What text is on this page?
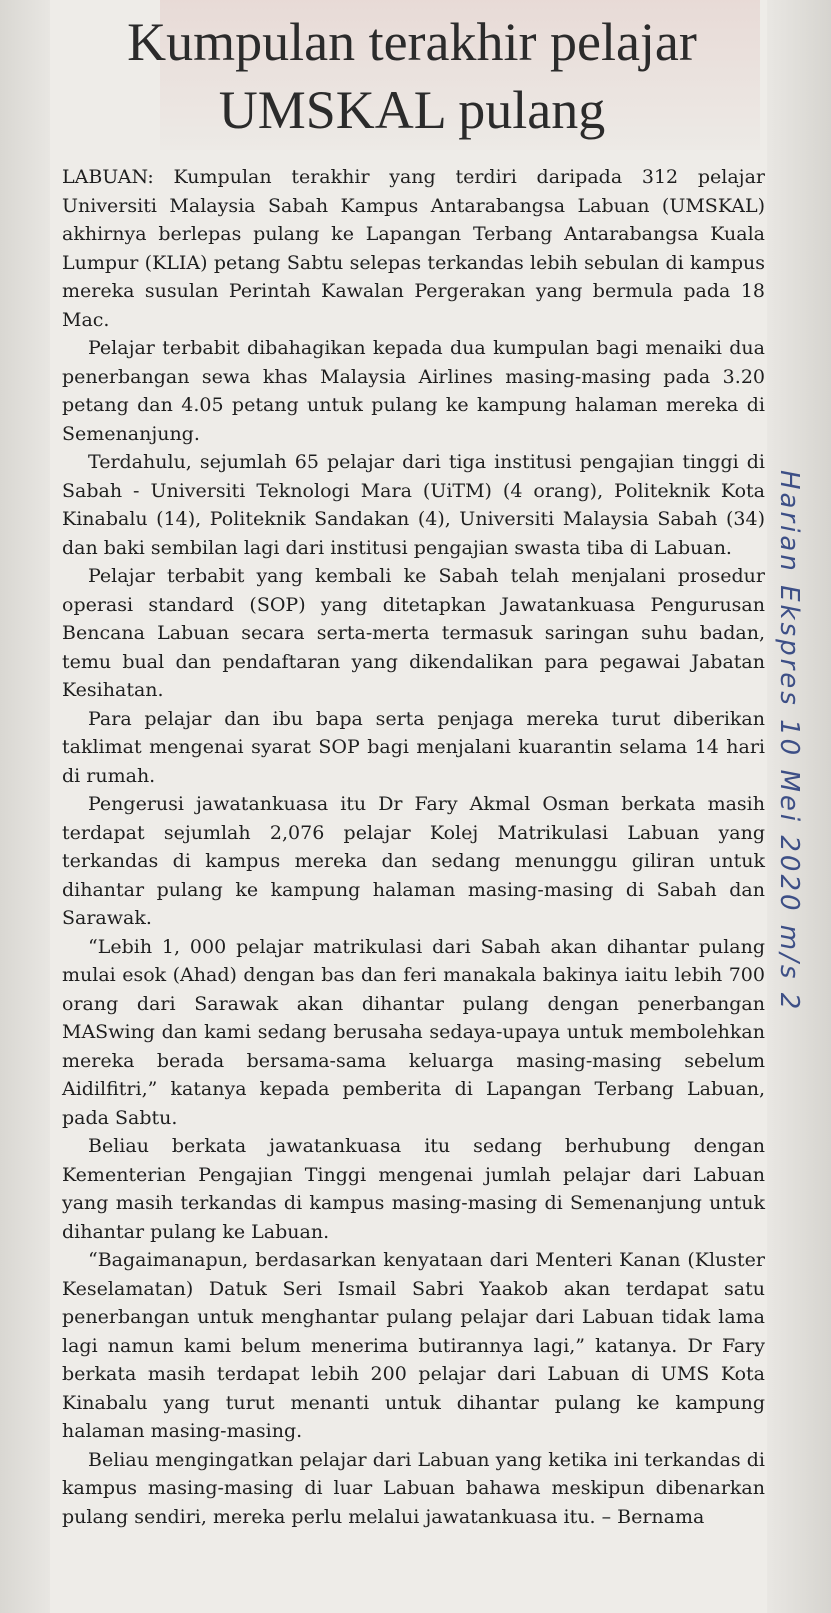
Kumpulan terakhir pelajar UMSKAL pulang

LABUAN: Kumpulan terakhir yang terdiri daripada 312 pelajar Universiti Malaysia Sabah Kampus Antarabangsa Labuan (UMSKAL) akhirnya berlepas pulang ke Lapangan Terbang Antarabangsa Kuala Lumpur (KLIA) petang Sabtu selepas terkandas lebih sebulan di kampus mereka susulan Perintah Kawalan Pergerakan yang bermula pada 18 Mac.

Pelajar terbabit dibahagikan kepada dua kumpulan bagi menaiki dua penerbangan sewa khas Malaysia Airlines masing-masing pada 3.20 petang dan 4.05 petang untuk pulang ke kampung halaman mereka di Semenanjung.

Terdahulu, sejumlah 65 pelajar dari tiga institusi pengajian tinggi di Sabah - Universiti Teknologi Mara (UiTM) (4 orang), Politeknik Kota Kinabalu (14), Politeknik Sandakan (4), Universiti Malaysia Sabah (34) dan baki sembilan lagi dari institusi pengajian swasta tiba di Labuan.

Pelajar terbabit yang kembali ke Sabah telah menjalani prosedur operasi standard (SOP) yang ditetapkan Jawatankuasa Pengurusan Bencana Labuan secara serta-merta termasuk saringan suhu badan, temu bual dan pendaftaran yang dikendalikan para pegawai Jabatan Kesihatan.

Para pelajar dan ibu bapa serta penjaga mereka turut diberikan taklimat mengenai syarat SOP bagi menjalani kuarantin selama 14 hari di rumah.

Pengerusi jawatankuasa itu Dr Fary Akmal Osman berkata masih terdapat sejumlah 2,076 pelajar Kolej Matrikulasi Labuan yang terkandas di kampus mereka dan sedang menunggu giliran untuk dihantar pulang ke kampung halaman masing-masing di Sabah dan Sarawak.

“Lebih 1, 000 pelajar matrikulasi dari Sabah akan dihantar pulang mulai esok (Ahad) dengan bas dan feri manakala bakinya iaitu lebih 700 orang dari Sarawak akan dihantar pulang dengan penerbangan MASwing dan kami sedang berusaha sedaya-upaya untuk membolehkan mereka berada bersama-sama keluarga masing-masing sebelum Aidilfitri,” katanya kepada pemberita di Lapangan Terbang Labuan, pada Sabtu.

Beliau berkata jawatankuasa itu sedang berhubung dengan Kementerian Pengajian Tinggi mengenai jumlah pelajar dari Labuan yang masih terkandas di kampus masing-masing di Semenanjung untuk dihantar pulang ke Labuan.

“Bagaimanapun, berdasarkan kenyataan dari Menteri Kanan (Kluster Keselamatan) Datuk Seri Ismail Sabri Yaakob akan terdapat satu penerbangan untuk menghantar pulang pelajar dari Labuan tidak lama lagi namun kami belum menerima butirannya lagi,” katanya. Dr Fary berkata masih terdapat lebih 200 pelajar dari Labuan di UMS Kota Kinabalu yang turut menanti untuk dihantar pulang ke kampung halaman masing-masing.

Beliau mengingatkan pelajar dari Labuan yang ketika ini terkandas di kampus masing-masing di luar Labuan bahawa meskipun dibenarkan pulang sendiri, mereka perlu melalui jawatankuasa itu. – Bernama

Harian Ekspres 10 Mei 2020 m/s 2
